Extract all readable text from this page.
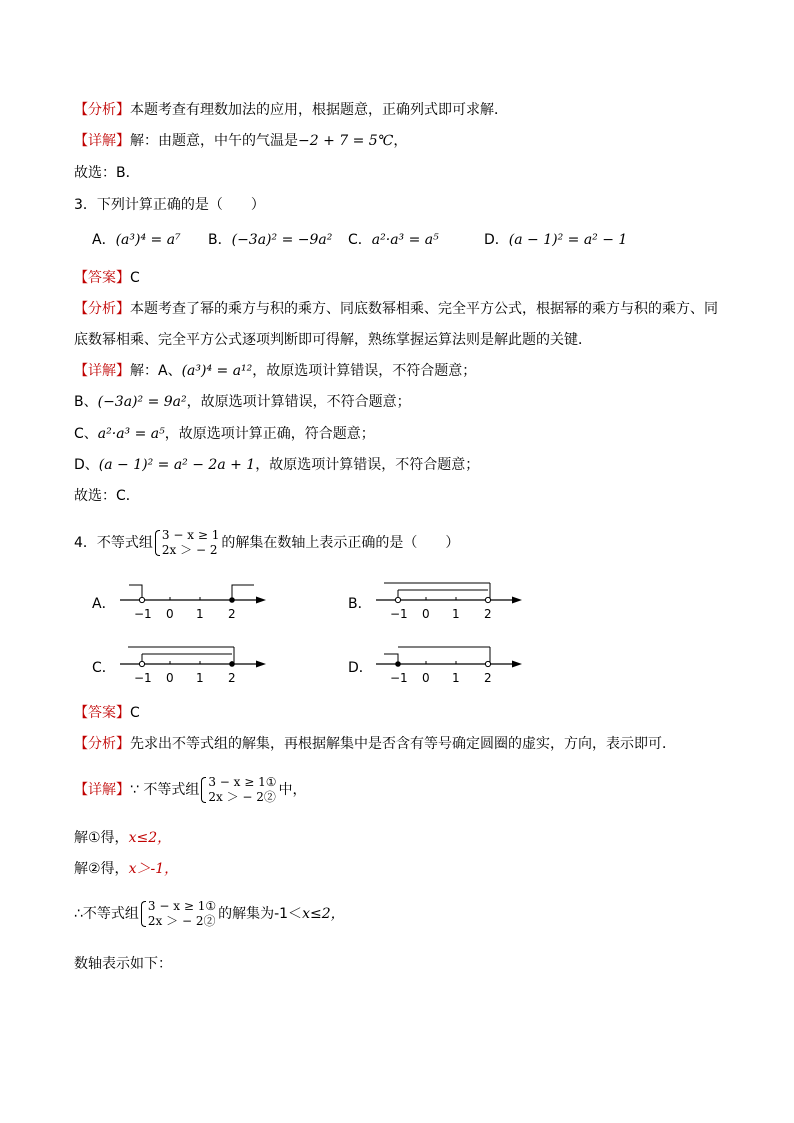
【分析】本题考查有理数加法的应用，根据题意，正确列式即可求解．
【详解】解：由题意，中午的气温是−2 + 7 = 5℃，
故选：B．
3．下列计算正确的是（　　）
A．(a³)⁴ = a⁷ B．(−3a)² = −9a² C．a²·a³ = a⁵	D．(a − 1)² = a² − 1
【答案】C
【分析】本题考查了幂的乘方与积的乘方、同底数幂相乘、完全平方公式，根据幂的乘方与积的乘方、同
底数幂相乘、完全平方公式逐项判断即可得解，熟练掌握运算法则是解此题的关键．
【详解】解：A、(a³)⁴ = a¹²，故原选项计算错误，不符合题意；
B、(−3a)² = 9a²，故原选项计算错误，不符合题意；
C、a²·a³ = a⁵，故原选项计算正确，符合题意；
D、(a − 1)² = a² − 2a + 1，故原选项计算错误，不符合题意；
故选：C．
4．不等式组 3 − x ≥ 1
2x ＞ − 2 的解集在数轴上表示正确的是（　　）
A．
−1 0 1 2
B．
−1 0 1 2
C．
−1 0 1 2
D．
−1 0 1 2
【答案】C
【分析】先求出不等式组的解集，再根据解集中是否含有等号确定圆圈的虚实，方向，表示即可．
【详解】∵ 不等式组 3 − x ≥ 1①
2x ＞ − 2② 中，
解①得，x≤2，
解②得，x＞-1，
∴不等式组 3 − x ≥ 1①
2x ＞ − 2② 的解集为-1＜x≤2，
数轴表示如下：
